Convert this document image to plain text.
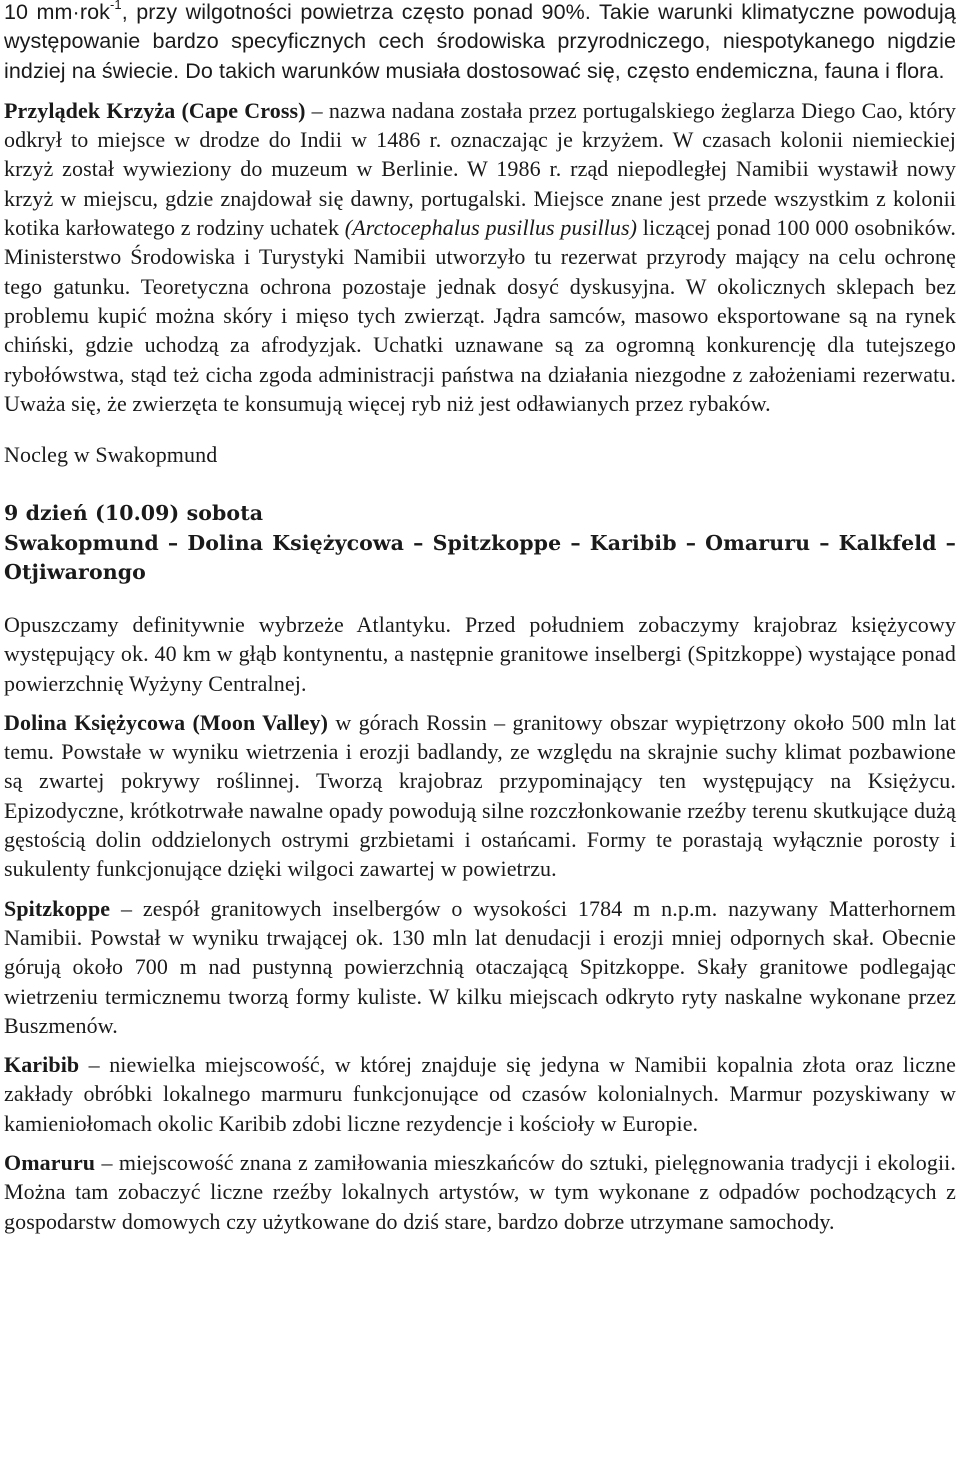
10 mm·rok$^{-1}$, przy wilgotności powietrza często ponad 90%. Takie warunki klimatyczne powodują występowanie bardzo specyficznych cech środowiska przyrodniczego, niespotykanego nigdzie indziej na świecie. Do takich warunków musiała dostosować się, często endemiczna, fauna i flora.

Przylądek Krzyża (Cape Cross) – nazwa nadana została przez portugalskiego żeglarza Diego Cao, który odkrył to miejsce w drodze do Indii w 1486 r. oznaczając je krzyżem. W czasach kolonii niemieckiej krzyż został wywieziony do muzeum w Berlinie. W 1986 r. rząd niepodległej Namibii wystawił nowy krzyż w miejscu, gdzie znajdował się dawny, portugalski. Miejsce znane jest przede wszystkim z kolonii kotika karłowatego z rodziny uchatek (Arctocephalus pusillus pusillus) liczącej ponad 100 000 osobników. Ministerstwo Środowiska i Turystyki Namibii utworzyło tu rezerwat przyrody mający na celu ochronę tego gatunku. Teoretyczna ochrona pozostaje jednak dosyć dyskusyjna. W okolicznych sklepach bez problemu kupić można skóry i mięso tych zwierząt. Jądra samców, masowo eksportowane są na rynek chiński, gdzie uchodzą za afrodyzjak. Uchatki uznawane są za ogromną konkurencję dla tutejszego rybołówstwa, stąd też cicha zgoda administracji państwa na działania niezgodne z założeniami rezerwatu. Uważa się, że zwierzęta te konsumują więcej ryb niż jest odławianych przez rybaków.

Nocleg w Swakopmund

9 dzień (10.09) sobota

Swakopmund – Dolina Księżycowa – Spitzkoppe – Karibib – Omaruru – Kalkfeld – Otjiwarongo

Opuszczamy definitywnie wybrzeże Atlantyku. Przed południem zobaczymy krajobraz księżycowy występujący ok. 40 km w głąb kontynentu, a następnie granitowe inselbergi (Spitzkoppe) wystające ponad powierzchnię Wyżyny Centralnej.

Dolina Księżycowa (Moon Valley) w górach Rossin – granitowy obszar wypiętrzony około 500 mln lat temu. Powstałe w wyniku wietrzenia i erozji badlandy, ze względu na skrajnie suchy klimat pozbawione są zwartej pokrywy roślinnej. Tworzą krajobraz przypominający ten występujący na Księżycu. Epizodyczne, krótkotrwałe nawalne opady powodują silne rozczłonkowanie rzeźby terenu skutkujące dużą gęstością dolin oddzielonych ostrymi grzbietami i ostańcami. Formy te porastają wyłącznie porosty i sukulenty funkcjonujące dzięki wilgoci zawartej w powietrzu.

Spitzkoppe – zespół granitowych inselbergów o wysokości 1784 m n.p.m. nazywany Matterhornem Namibii. Powstał w wyniku trwającej ok. 130 mln lat denudacji i erozji mniej odpornych skał. Obecnie górują około 700 m nad pustynną powierzchnią otaczającą Spitzkoppe. Skały granitowe podlegając wietrzeniu termicznemu tworzą formy kuliste. W kilku miejscach odkryto ryty naskalne wykonane przez Buszmenów.

Karibib – niewielka miejscowość, w której znajduje się jedyna w Namibii kopalnia złota oraz liczne zakłady obróbki lokalnego marmuru funkcjonujące od czasów kolonialnych. Marmur pozyskiwany w kamieniołomach okolic Karibib zdobi liczne rezydencje i kościoły w Europie.

Omaruru – miejscowość znana z zamiłowania mieszkańców do sztuki, pielęgnowania tradycji i ekologii. Można tam zobaczyć liczne rzeźby lokalnych artystów, w tym wykonane z odpadów pochodzących z gospodarstw domowych czy użytkowane do dziś stare, bardzo dobrze utrzymane samochody.
